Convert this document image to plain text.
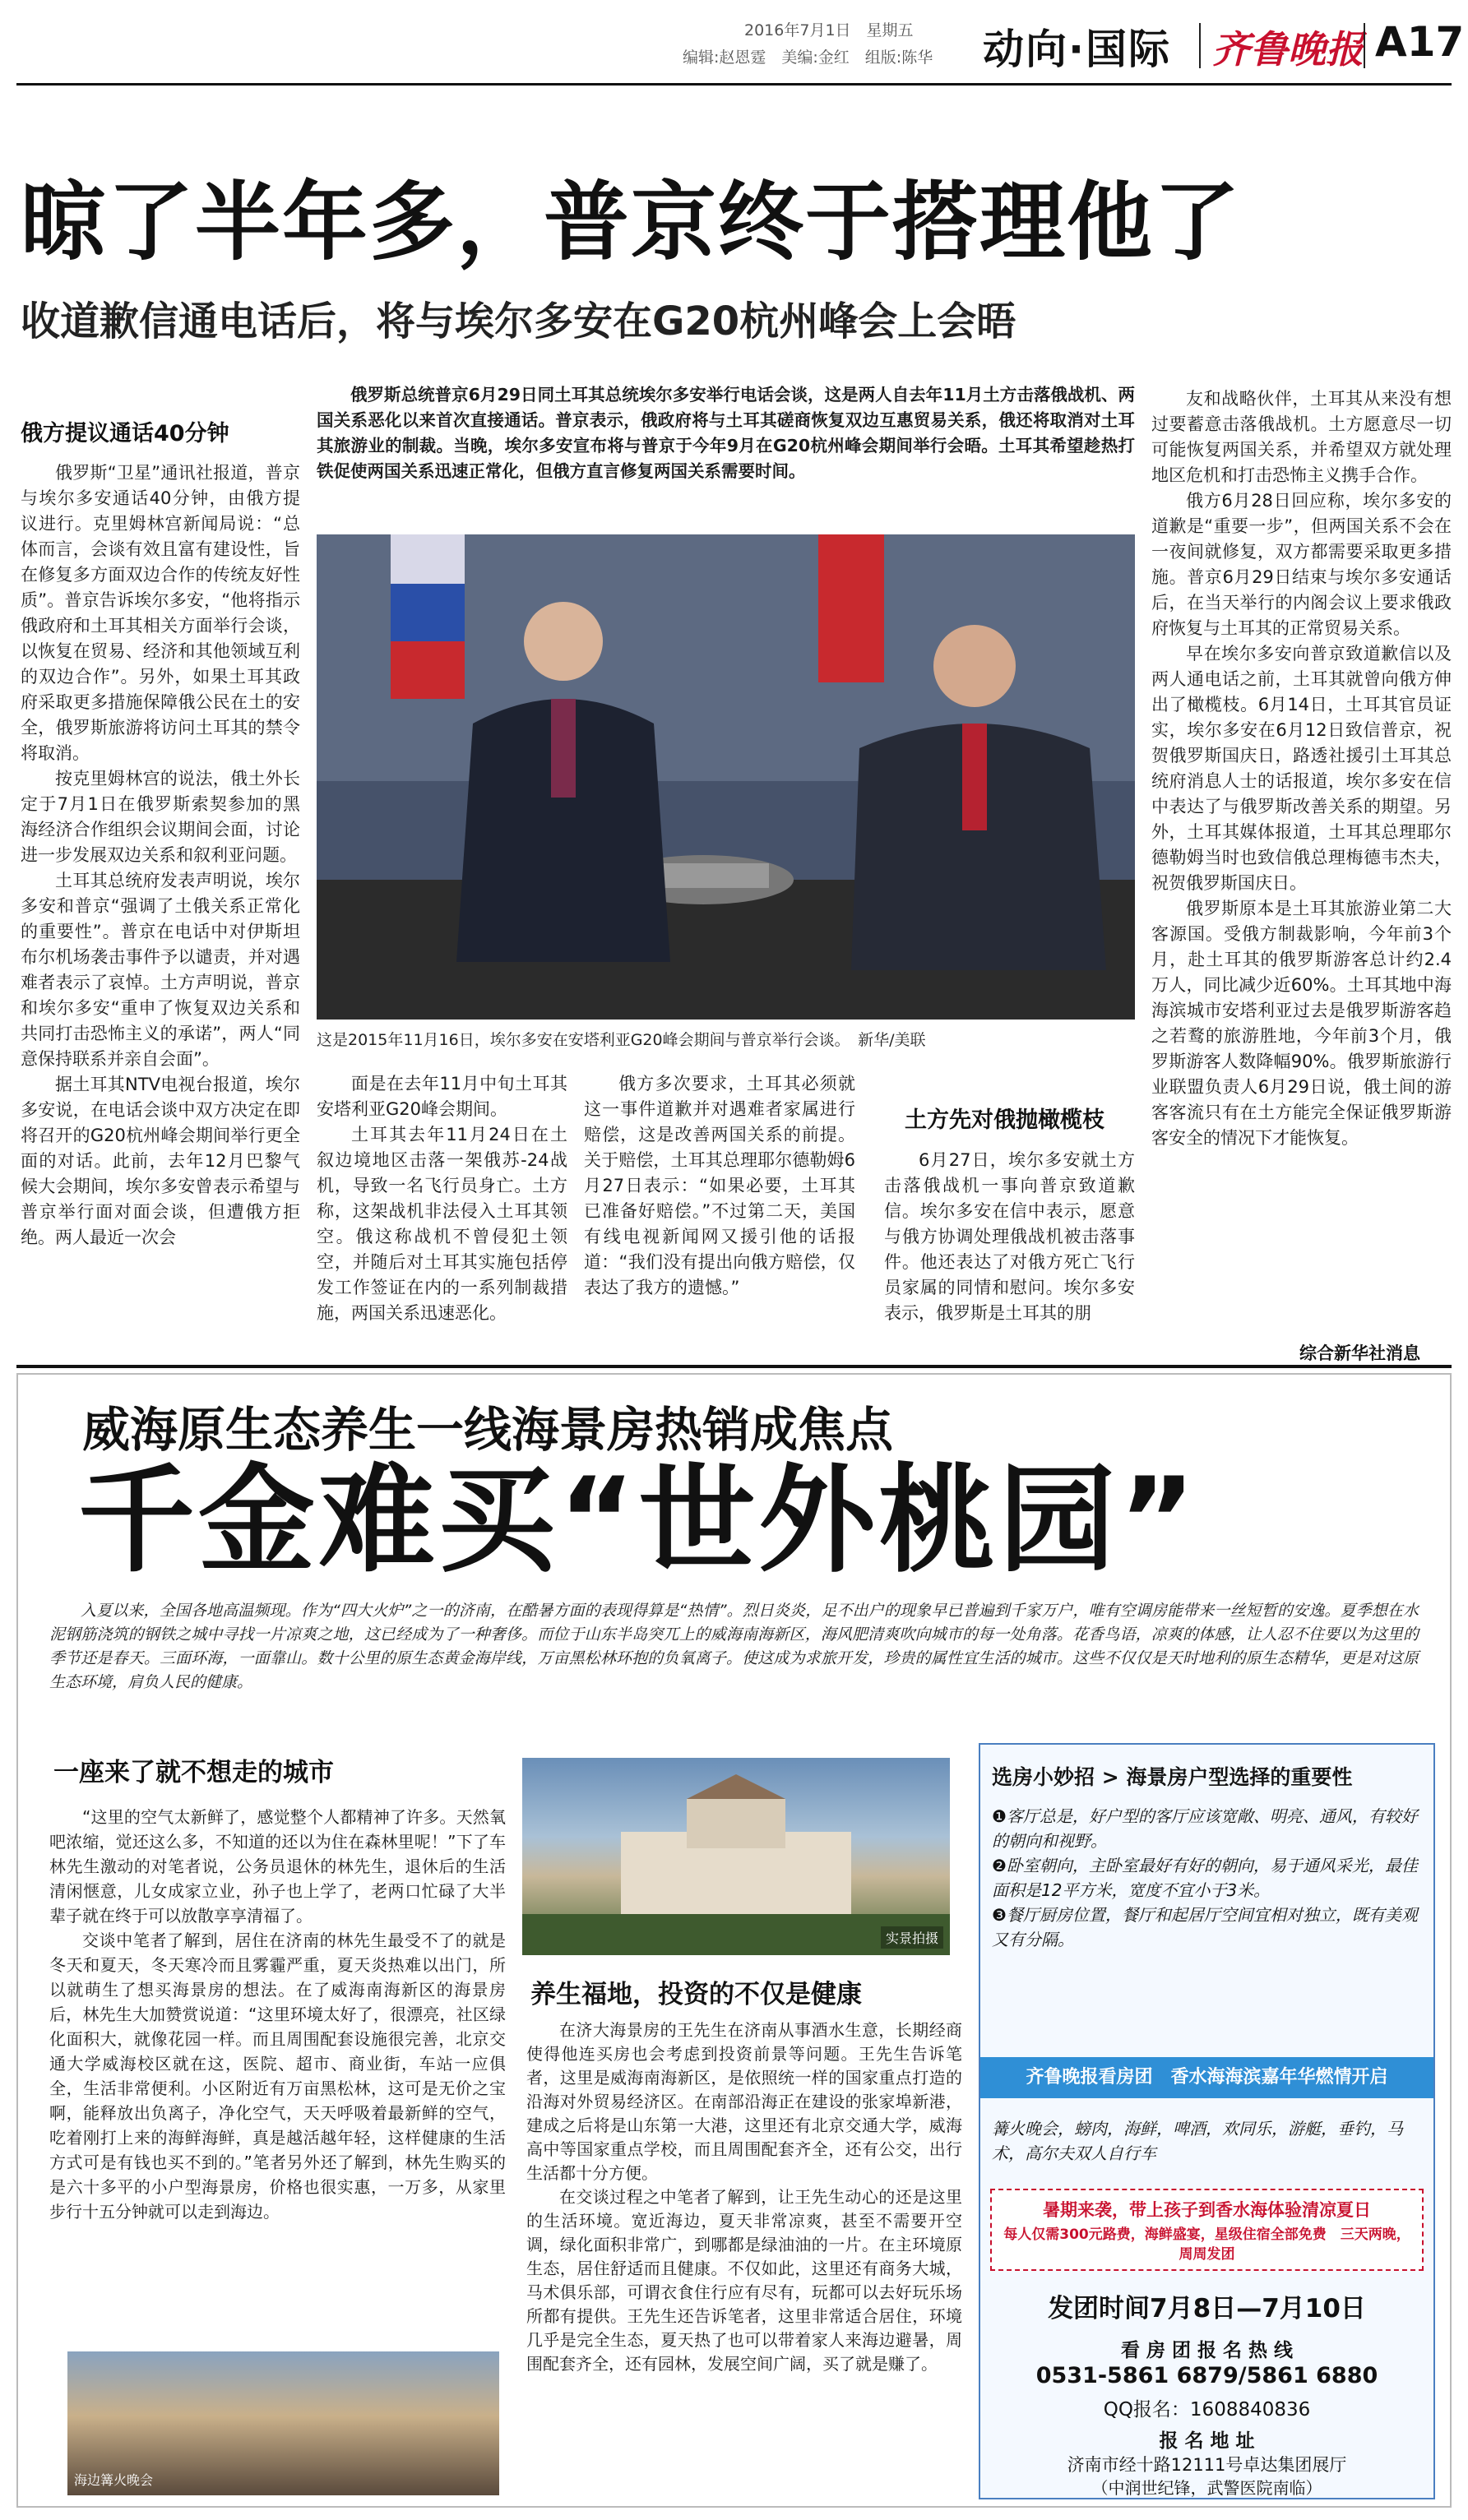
2016年7月1日　星期五
编辑:赵恩霆　美编:金红　组版:陈华 动向·国际 齐鲁晚报 A17
晾了半年多，普京终于搭理他了
收道歉信通电话后，将与埃尔多安在G20杭州峰会上会晤

俄罗斯总统普京6月29日同土耳其总统埃尔多安举行电话会谈，这是两人自去年11月土方击落俄战机、两国关系恶化以来首次直接通话。普京表示，俄政府将与土耳其磋商恢复双边互惠贸易关系，俄还将取消对土耳其旅游业的制裁。当晚，埃尔多安宣布将与普京于今年9月在G20杭州峰会期间举行会晤。土耳其希望趁热打铁促使两国关系迅速正常化，但俄方直言修复两国关系需要时间。

这是2015年11月16日，埃尔多安在安塔利亚G20峰会期间与普京举行会谈。　新华/美联
俄方提议通话40分钟

俄罗斯“卫星”通讯社报道，普京与埃尔多安通话40分钟，由俄方提议进行。克里姆林宫新闻局说：“总体而言，会谈有效且富有建设性，旨在修复多方面双边合作的传统友好性质”。普京告诉埃尔多安，“他将指示俄政府和土耳其相关方面举行会谈，以恢复在贸易、经济和其他领域互利的双边合作”。另外，如果土耳其政府采取更多措施保障俄公民在土的安全，俄罗斯旅游将访问土耳其的禁令将取消。

按克里姆林宫的说法，俄土外长定于7月1日在俄罗斯索契参加的黑海经济合作组织会议期间会面，讨论进一步发展双边关系和叙利亚问题。

土耳其总统府发表声明说，埃尔多安和普京“强调了土俄关系正常化的重要性”。普京在电话中对伊斯坦布尔机场袭击事件予以谴责，并对遇难者表示了哀悼。土方声明说，普京和埃尔多安“重申了恢复双边关系和共同打击恐怖主义的承诺”，两人“同意保持联系并亲自会面”。

据土耳其NTV电视台报道，埃尔多安说，在电话会谈中双方决定在即将召开的G20杭州峰会期间举行更全面的对话。此前，去年12月巴黎气候大会期间，埃尔多安曾表示希望与普京举行面对面会谈，但遭俄方拒绝。两人最近一次会

面是在去年11月中旬土耳其安塔利亚G20峰会期间。

土耳其去年11月24日在土叙边境地区击落一架俄苏-24战机，导致一名飞行员身亡。土方称，这架战机非法侵入土耳其领空。俄这称战机不曾侵犯土领空，并随后对土耳其实施包括停发工作签证在内的一系列制裁措施，两国关系迅速恶化。

俄方多次要求，土耳其必须就这一事件道歉并对遇难者家属进行赔偿，这是改善两国关系的前提。关于赔偿，土耳其总理耶尔德勒姆6月27日表示：“如果必要，土耳其已准备好赔偿。”不过第二天，美国有线电视新闻网又援引他的话报道：“我们没有提出向俄方赔偿，仅表达了我方的遗憾。”

土方先对俄抛橄榄枝

6月27日，埃尔多安就土方击落俄战机一事向普京致道歉信。埃尔多安在信中表示，愿意与俄方协调处理俄战机被击落事件。他还表达了对俄方死亡飞行员家属的同情和慰问。埃尔多安表示，俄罗斯是土耳其的朋

友和战略伙伴，土耳其从来没有想过要蓄意击落俄战机。土方愿意尽一切可能恢复两国关系，并希望双方就处理地区危机和打击恐怖主义携手合作。

俄方6月28日回应称，埃尔多安的道歉是“重要一步”，但两国关系不会在一夜间就修复，双方都需要采取更多措施。普京6月29日结束与埃尔多安通话后，在当天举行的内阁会议上要求俄政府恢复与土耳其的正常贸易关系。

早在埃尔多安向普京致道歉信以及两人通电话之前，土耳其就曾向俄方伸出了橄榄枝。6月14日，土耳其官员证实，埃尔多安在6月12日致信普京，祝贺俄罗斯国庆日，路透社援引土耳其总统府消息人士的话报道，埃尔多安在信中表达了与俄罗斯改善关系的期望。另外，土耳其媒体报道，土耳其总理耶尔德勒姆当时也致信俄总理梅德韦杰夫，祝贺俄罗斯国庆日。

俄罗斯原本是土耳其旅游业第二大客源国。受俄方制裁影响，今年前3个月，赴土耳其的俄罗斯游客总计约2.4万人，同比减少近60%。土耳其地中海海滨城市安塔利亚过去是俄罗斯游客趋之若鹜的旅游胜地，今年前3个月，俄罗斯游客人数降幅90%。俄罗斯旅游行业联盟负责人6月29日说，俄土间的游客客流只有在土方能完全保证俄罗斯游客安全的情况下才能恢复。

综合新华社消息
威海原生态养生一线海景房热销成焦点
千金难买“世外桃园”

入夏以来，全国各地高温频现。作为“四大火炉”之一的济南，在酷暑方面的表现得算是“热情”。烈日炎炎，足不出户的现象早已普遍到千家万户，唯有空调房能带来一丝短暂的安逸。夏季想在水泥钢筋浇筑的钢铁之城中寻找一片凉爽之地，这已经成为了一种奢侈。而位于山东半岛突兀上的威海南海新区，海风肥清爽吹向城市的每一处角落。花香鸟语，凉爽的体感，让人忍不住要以为这里的季节还是春天。三面环海，一面靠山。数十公里的原生态黄金海岸线，万亩黑松林环抱的负氧离子。使这成为求旅开发，珍贵的属性宜生活的城市。这些不仅仅是天时地利的原生态精华，更是对这原生态环境，肩负人民的健康。

一座来了就不想走的城市

“这里的空气太新鲜了，感觉整个人都精神了许多。天然氧吧浓缩，觉还这么多，不知道的还以为住在森林里呢！”下了车林先生激动的对笔者说，公务员退休的林先生，退休后的生活清闲惬意，儿女成家立业，孙子也上学了，老两口忙碌了大半辈子就在终于可以放散享享清福了。

交谈中笔者了解到，居住在济南的林先生最受不了的就是冬天和夏天，冬天寒冷而且雾霾严重，夏天炎热难以出门，所以就萌生了想买海景房的想法。在了威海南海新区的海景房后，林先生大加赞赏说道：“这里环境太好了，很漂亮，社区绿化面积大，就像花园一样。而且周围配套设施很完善，北京交通大学威海校区就在这，医院、超市、商业街，车站一应俱全，生活非常便利。小区附近有万亩黑松林，这可是无价之宝啊，能释放出负离子，净化空气，天天呼吸着最新鲜的空气，吃着刚打上来的海鲜海鲜，真是越活越年轻，这样健康的生活方式可是有钱也买不到的。”笔者另外还了解到，林先生购买的是六十多平的小户型海景房，价格也很实惠，一万多，从家里步行十五分钟就可以走到海边。

海边篝火晚会
实景拍摄
养生福地，投资的不仅是健康

在济大海景房的王先生在济南从事酒水生意，长期经商使得他连买房也会考虑到投资前景等问题。王先生告诉笔者，这里是威海南海新区，是依照统一样的国家重点打造的沿海对外贸易经济区。在南部沿海正在建设的张家埠新港，建成之后将是山东第一大港，这里还有北京交通大学，威海高中等国家重点学校，而且周围配套齐全，还有公交，出行生活都十分方便。

在交谈过程之中笔者了解到，让王先生动心的还是这里的生活环境。宽近海边，夏天非常凉爽，甚至不需要开空调，绿化面积非常广，到哪都是绿油油的一片。在主环境原生态，居住舒适而且健康。不仅如此，这里还有商务大城，马术俱乐部，可谓衣食住行应有尽有，玩都可以去好玩乐场所都有提供。王先生还告诉笔者，这里非常适合居住，环境几乎是完全生态，夏天热了也可以带着家人来海边避暑，周围配套齐全，还有园林，发展空间广阔，买了就是赚了。

选房小妙招 > 海景房户型选择的重要性

❶客厅总是，好户型的客厅应该宽敞、明亮、通风，有较好的朝向和视野。

❷卧室朝向，主卧室最好有好的朝向，易于通风采光，最佳面积是12平方米，宽度不宜小于3米。

❸餐厅厨房位置，餐厅和起居厅空间宜相对独立，既有美观又有分隔。

齐鲁晚报看房团　香水海海滨嘉年华燃情开启
篝火晚会，螃肉，海鲜，啤酒，欢同乐，游艇，垂钓，马术，高尔夫双人自行车
暑期来袭，带上孩子到香水海体验清凉夏日
每人仅需300元路费，海鲜盛宴，星级住宿全部免费　三天两晚，周周发团
发团时间7月8日—7月10日
看 房 团 报 名 热 线
0531-5861 6879/5861 6880
QQ报名：1608840836
报 名 地 址
济南市经十路12111号卓达集团展厅
（中润世纪锋，武警医院南临）
